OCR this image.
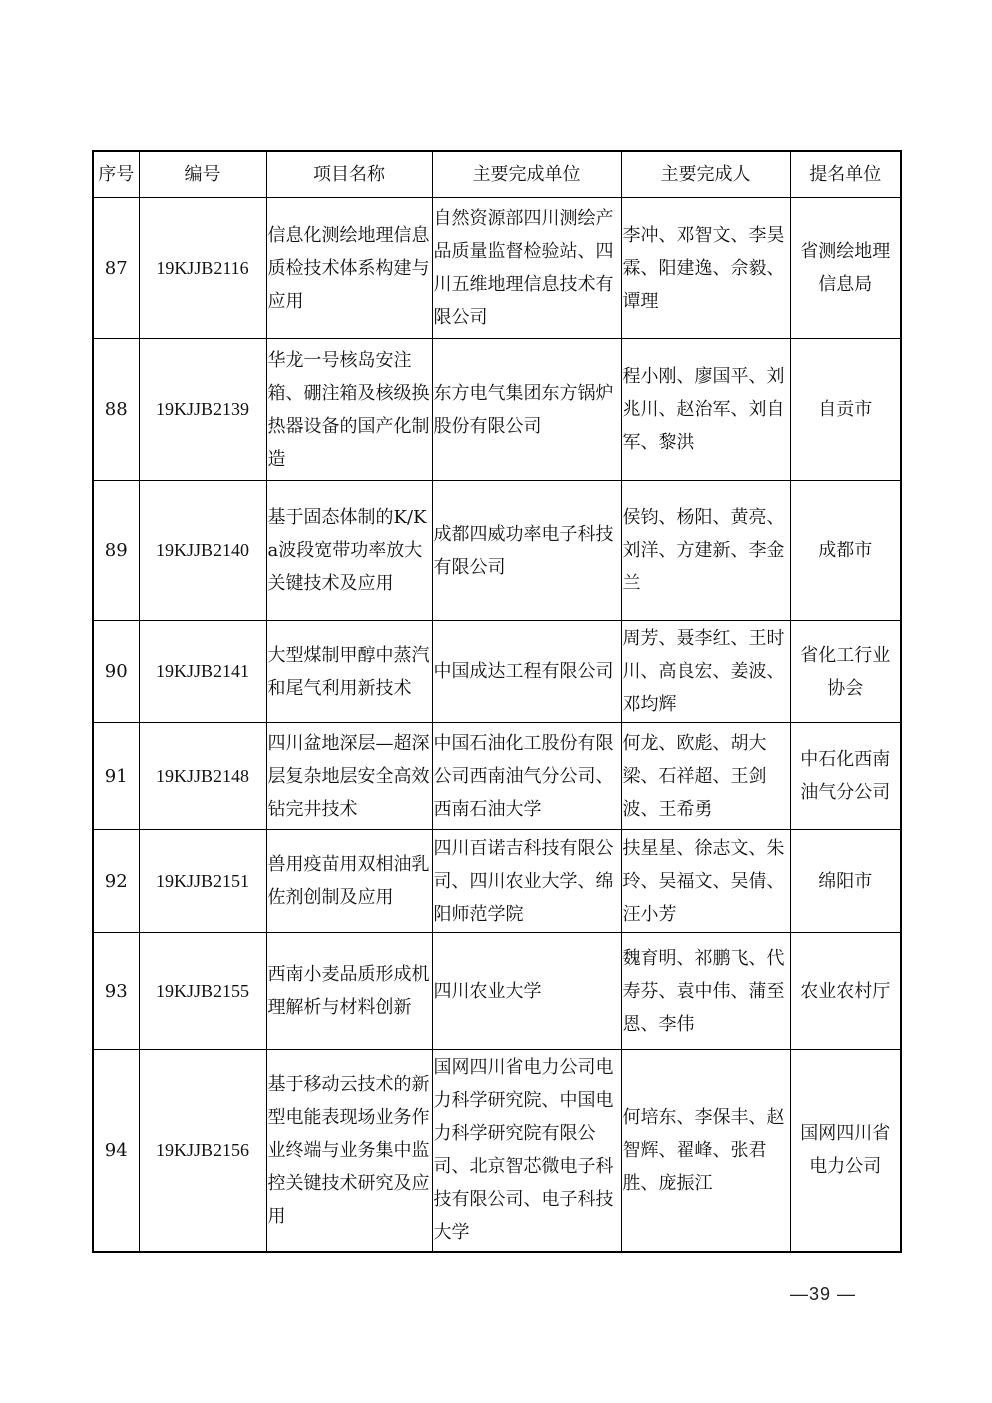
序号	编号	项目名称	主要完成单位	主要完成人	提名单位
87	19KJJB2116	信息化测绘地理信息质检技术体系构建与应用	自然资源部四川测绘产品质量监督检验站、四川五维地理信息技术有限公司	李冲、邓智文、李昊霖、阳建逸、佘毅、谭理	省测绘地理信息局
88	19KJJB2139	华龙一号核岛安注箱、硼注箱及核级换热器设备的国产化制造	东方电气集团东方锅炉股份有限公司	程小刚、廖国平、刘兆川、赵治军、刘自军、黎洪	自贡市
89	19KJJB2140	基于固态体制的K/Ka波段宽带功率放大关键技术及应用	成都四威功率电子科技有限公司	侯钧、杨阳、黄亮、刘洋、方建新、李金兰	成都市
90	19KJJB2141	大型煤制甲醇中蒸汽和尾气利用新技术	中国成达工程有限公司	周芳、聂李红、王时川、高良宏、姜波、邓均辉	省化工行业协会
91	19KJJB2148	四川盆地深层—超深层复杂地层安全高效钻完井技术	中国石油化工股份有限公司西南油气分公司、西南石油大学	何龙、欧彪、胡大梁、石祥超、王剑波、王希勇	中石化西南油气分公司
92	19KJJB2151	兽用疫苗用双相油乳佐剂创制及应用	四川百诺吉科技有限公司、四川农业大学、绵阳师范学院	扶星星、徐志文、朱玲、吴福文、吴倩、汪小芳	绵阳市
93	19KJJB2155	西南小麦品质形成机理解析与材料创新	四川农业大学	魏育明、祁鹏飞、代寿芬、袁中伟、蒲至恩、李伟	农业农村厅
94	19KJJB2156	基于移动云技术的新型电能表现场业务作业终端与业务集中监控关键技术研究及应用	国网四川省电力公司电力科学研究院、中国电力科学研究院有限公司、北京智芯微电子科技有限公司、电子科技大学	何培东、李保丰、赵智辉、翟峰、张君胜、庞振江	国网四川省电力公司
—39 —
